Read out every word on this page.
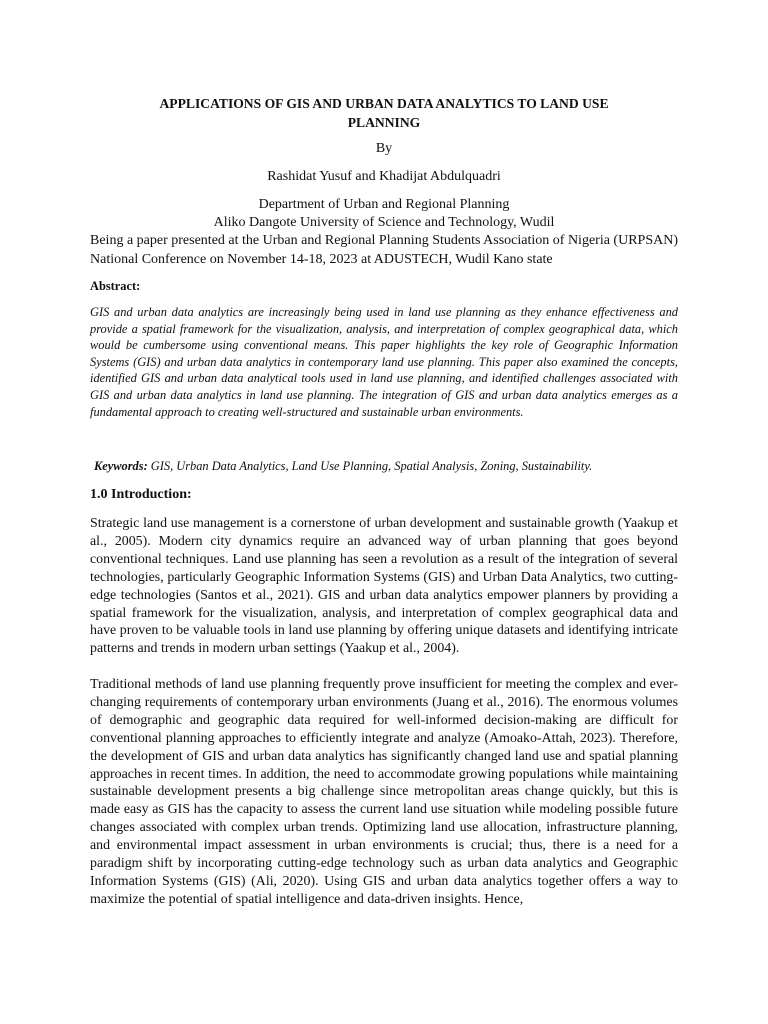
APPLICATIONS OF GIS AND URBAN DATA ANALYTICS TO LAND USE
PLANNING

By

Rashidat Yusuf and Khadijat Abdulquadri

Department of Urban and Regional Planning

Aliko Dangote University of Science and Technology, Wudil

Being a paper presented at the Urban and Regional Planning Students Association of Nigeria (URPSAN) National Conference on November 14-18, 2023 at ADUSTECH, Wudil Kano state

Abstract:

GIS and urban data analytics are increasingly being used in land use planning as they enhance effectiveness and provide a spatial framework for the visualization, analysis, and interpretation of complex geographical data, which would be cumbersome using conventional means. This paper highlights the key role of Geographic Information Systems (GIS) and urban data analytics in contemporary land use planning. This paper also examined the concepts, identified GIS and urban data analytical tools used in land use planning, and identified challenges associated with GIS and urban data analytics in land use planning. The integration of GIS and urban data analytics emerges as a fundamental approach to creating well-structured and sustainable urban environments.

Keywords: GIS, Urban Data Analytics, Land Use Planning, Spatial Analysis, Zoning, Sustainability.

1.0 Introduction:

Strategic land use management is a cornerstone of urban development and sustainable growth (Yaakup et al., 2005). Modern city dynamics require an advanced way of urban planning that goes beyond conventional techniques. Land use planning has seen a revolution as a result of the integration of several technologies, particularly Geographic Information Systems (GIS) and Urban Data Analytics, two cutting-edge technologies (Santos et al., 2021). GIS and urban data analytics empower planners by providing a spatial framework for the visualization, analysis, and interpretation of complex geographical data and have proven to be valuable tools in land use planning by offering unique datasets and identifying intricate patterns and trends in modern urban settings (Yaakup et al., 2004).

Traditional methods of land use planning frequently prove insufficient for meeting the complex and ever-changing requirements of contemporary urban environments (Juang et al., 2016). The enormous volumes of demographic and geographic data required for well-informed decision-making are difficult for conventional planning approaches to efficiently integrate and analyze (Amoako-Attah, 2023). Therefore, the development of GIS and urban data analytics has significantly changed land use and spatial planning approaches in recent times. In addition, the need to accommodate growing populations while maintaining sustainable development presents a big challenge since metropolitan areas change quickly, but this is made easy as GIS has the capacity to assess the current land use situation while modeling possible future changes associated with complex urban trends. Optimizing land use allocation, infrastructure planning, and environmental impact assessment in urban environments is crucial; thus, there is a need for a paradigm shift by incorporating cutting-edge technology such as urban data analytics and Geographic Information Systems (GIS) (Ali, 2020). Using GIS and urban data analytics together offers a way to maximize the potential of spatial intelligence and data-driven insights. Hence,
